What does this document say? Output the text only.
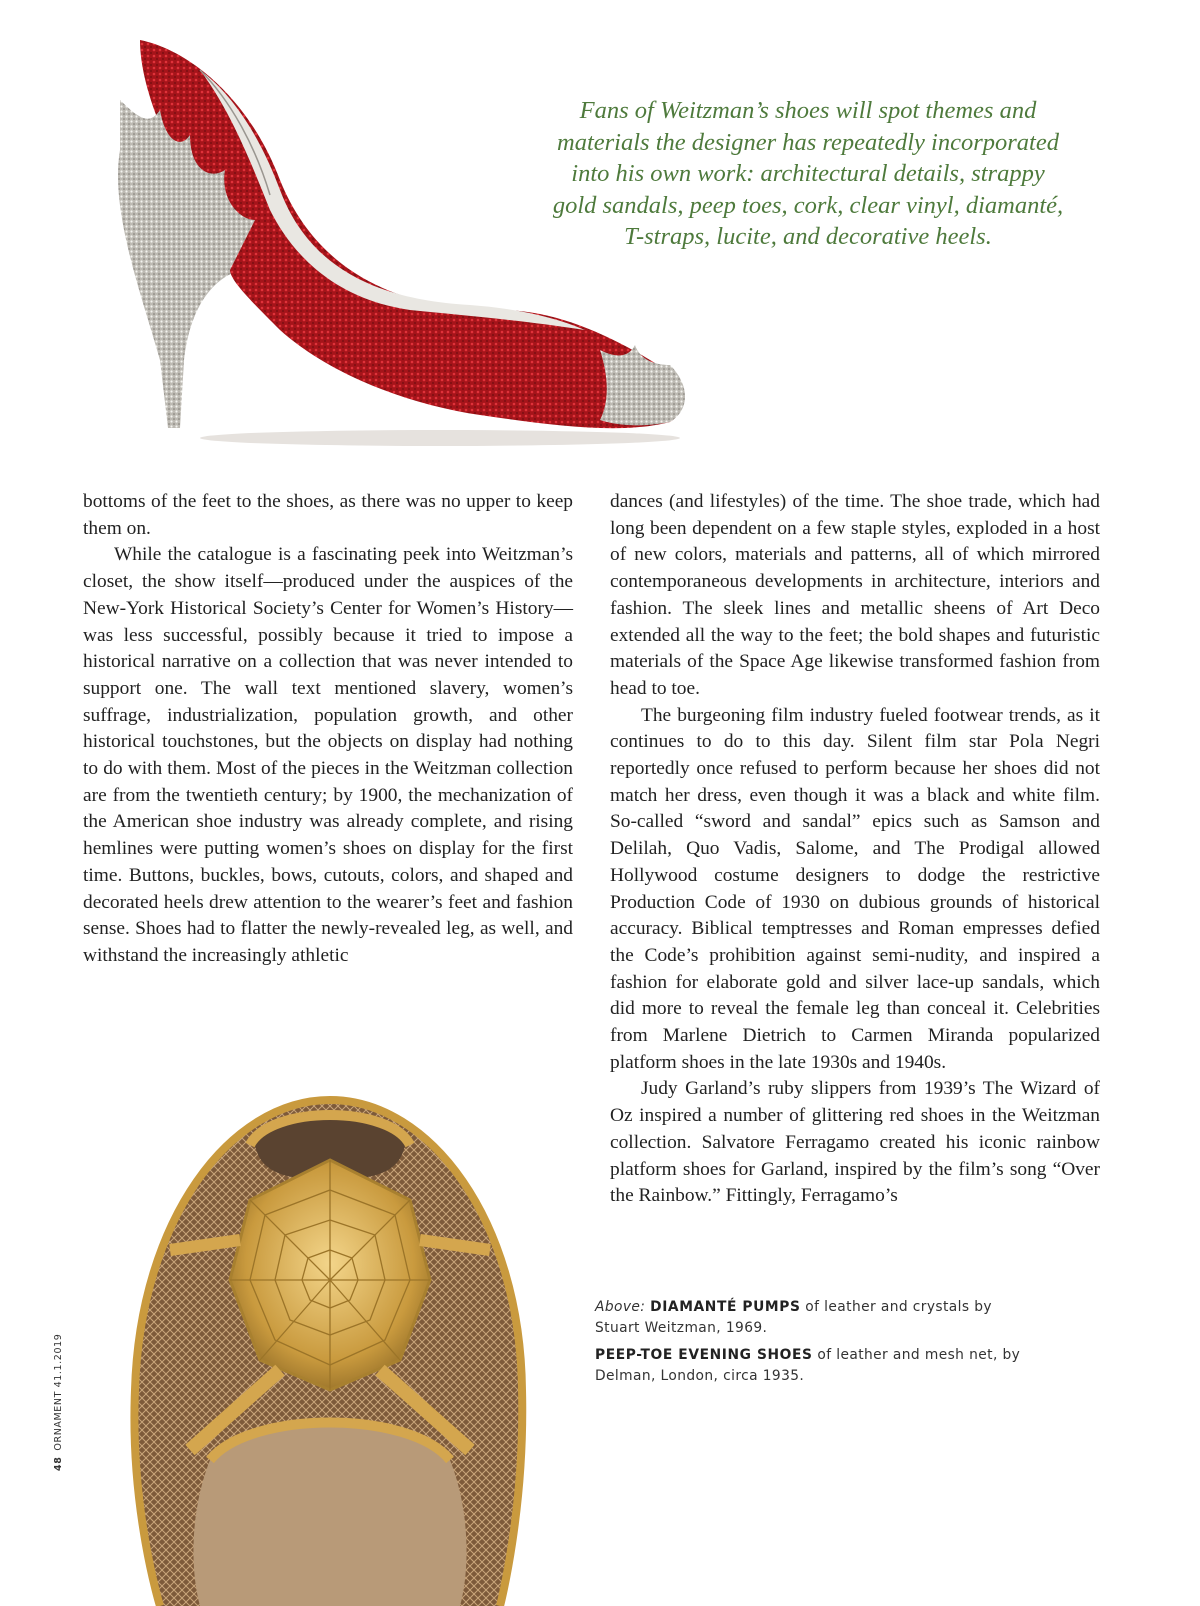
Fans of Weitzman’s shoes will spot themes and materials the designer has repeatedly incorporated into his own work: architectural details, strappy gold sandals, peep toes, cork, clear vinyl, diamanté, T-straps, lucite, and decorative heels.

bottoms of the feet to the shoes, as there was no upper to keep them on.

While the catalogue is a fascinating peek into Weitzman’s closet, the show itself—produced under the auspices of the New-York Historical Society’s Center for Women’s History—was less successful, possibly because it tried to impose a historical narrative on a collection that was never intended to support one. The wall text mentioned slavery, women’s suffrage, industrialization, population growth, and other historical touchstones, but the objects on display had nothing to do with them. Most of the pieces in the Weitzman collection are from the twentieth century; by 1900, the mechanization of the American shoe industry was already complete, and rising hemlines were putting women’s shoes on display for the first time. Buttons, buckles, bows, cutouts, colors, and shaped and decorated heels drew attention to the wearer’s feet and fashion sense. Shoes had to flatter the newly-revealed leg, as well, and withstand the increasingly athletic

dances (and lifestyles) of the time. The shoe trade, which had long been dependent on a few staple styles, exploded in a host of new colors, materials and patterns, all of which mirrored contemporaneous developments in architecture, interiors and fashion. The sleek lines and metallic sheens of Art Deco extended all the way to the feet; the bold shapes and futuristic materials of the Space Age likewise transformed fashion from head to toe.

The burgeoning film industry fueled footwear trends, as it continues to do to this day. Silent film star Pola Negri reportedly once refused to perform because her shoes did not match her dress, even though it was a black and white film. So-called “sword and sandal” epics such as Samson and Delilah, Quo Vadis, Salome, and The Prodigal allowed Hollywood costume designers to dodge the restrictive Production Code of 1930 on dubious grounds of historical accuracy. Biblical temptresses and Roman empresses defied the Code’s prohibition against semi-nudity, and inspired a fashion for elaborate gold and silver lace-up sandals, which did more to reveal the female leg than conceal it. Celebrities from Marlene Dietrich to Carmen Miranda popularized platform shoes in the late 1930s and 1940s.

Judy Garland’s ruby slippers from 1939’s The Wizard of Oz inspired a number of glittering red shoes in the Weitzman collection. Salvatore Ferragamo created his iconic rainbow platform shoes for Garland, inspired by the film’s song “Over the Rainbow.” Fittingly, Ferragamo’s

Above: DIAMANTÉ PUMPS of leather and crystals by Stuart Weitzman, 1969.

PEEP-TOE EVENING SHOES of leather and mesh net, by Delman, London, circa 1935.

48ORNAMENT 41.1.2019
